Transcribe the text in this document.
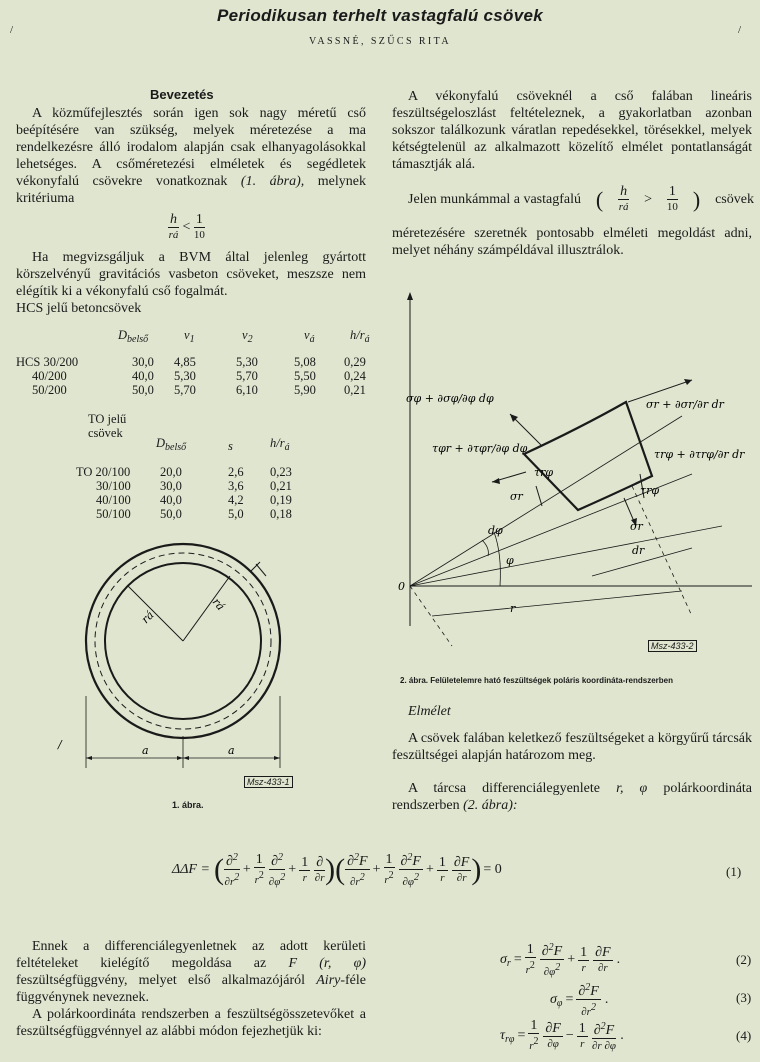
Periodikusan terhelt vastagfalú csövek
VASSNÉ, SZŰCS RITA
/	/
Bevezetés
A közműfejlesztés során igen sok nagy méretű cső beépítésére van szükség, melyek méretezése a ma rendelkezésre álló irodalom alapján csak elhanyagolásokkal lehetséges. A csőméretezési elméletek és segédletek vékonyfalú csövekre vonatkoznak (1. ábra), melynek kritériuma
$\frac{h}{rá} < \frac{1}{10}$
Ha megvizsgáljuk a BVM által jelenleg gyártott körszelvényű gravitációs vasbeton csöveket, meszsze nem elégítik ki a vékonyfalú cső fogalmát.
HCS jelű betoncsövek
	$D_{belső}$	$v_1$	$v_2$	$v_á$	$h/r_á$

HCS 30/200	30,0	4,85	5,30	5,08	0,29
40/200	40,0	5,30	5,70	5,50	0,24
50/200	50,0	5,70	6,10	5,90	0,21
TO jelű
csövek
	$D_{belső}$	s	$h/r_á$

TO 20/100	20,0	2,6	0,23
30/100	30,0	3,6	0,21
40/100	40,0	4,2	0,19
50/100	50,0	5,0	0,18
rá
rá
a	a
/
Msz-433-1
1. ábra.
A vékonyfalú csöveknél a cső falában lineáris feszültségeloszlást feltételeznek, a gyakorlatban azonban sokszor találkozunk váratlan repedésekkel, törésekkel, melyek kétségtelenül az alkalmazott közelítő elmélet pontatlanságát támasztják alá.
Jelen munkámmal a vastagfalú ( $\frac{h}{rá} > \frac{1}{10}$ ) csövek
méretezésére szeretnék pontosabb elméleti megoldást adni, melyet néhány számpéldával illusztrálok.
σφ + ∂σφ/∂φ dφ	σr + ∂σr/∂r dr
τφr + ∂τφr/∂φ dφ	τrφ + ∂τrφ/∂r dr
τrφ
τrφ
σr
σr
dφ
φ
dr
r
0
Msz-433-2
2. ábra. Felületelemre ható feszültségek poláris koordináta-rendszerben
Elmélet
A csövek falában keletkező feszültségeket a körgyűrű tárcsák feszültségei alapján határozom meg.
A tárcsa differenciálegyenlete r, φ polárkoordináta rendszerben (2. ábra):
ΔΔF = ( $\frac{\partial^2}{\partial r2} + \frac{1}{r2} \frac{\partial^2}{\partial\varphi 2} + \frac{1}{r} \frac{\partial}{\partial r}$ )( $\frac{\partial^2F}{\partial r2} + \frac{1}{r2} \frac{\partial^2F}{\partial\varphi 2} + \frac{1}{r} \frac{\partial F}{\partial r}$ ) = 0	(1)
Ennek a differenciálegyenletnek az adott kerületi feltételeket kielégítő megoldása az F (r, φ) feszültségfüggvény, melyet első alkalmazójáról Airy-féle függvénynek neveznek.
A polárkoordináta rendszerben a feszültségösszetevőket a feszültségfüggvénnyel az alábbi módon fejezhetjük ki:
$\sigma_r = \frac{1}{r2} \frac{\partial^2F}{\partial\varphi 2} + \frac{1}{r} \frac{\partial F}{\partial r}$ .	(2)
$\sigma_\varphi = \frac{\partial^2F}{\partial r2}$ .	(3)
$\tau_{r\varphi} = \frac{1}{r2} \frac{\partial F}{\partial\varphi} - \frac{1}{r} \frac{\partial^2F}{\partial r \partial\varphi}$ .	(4)
